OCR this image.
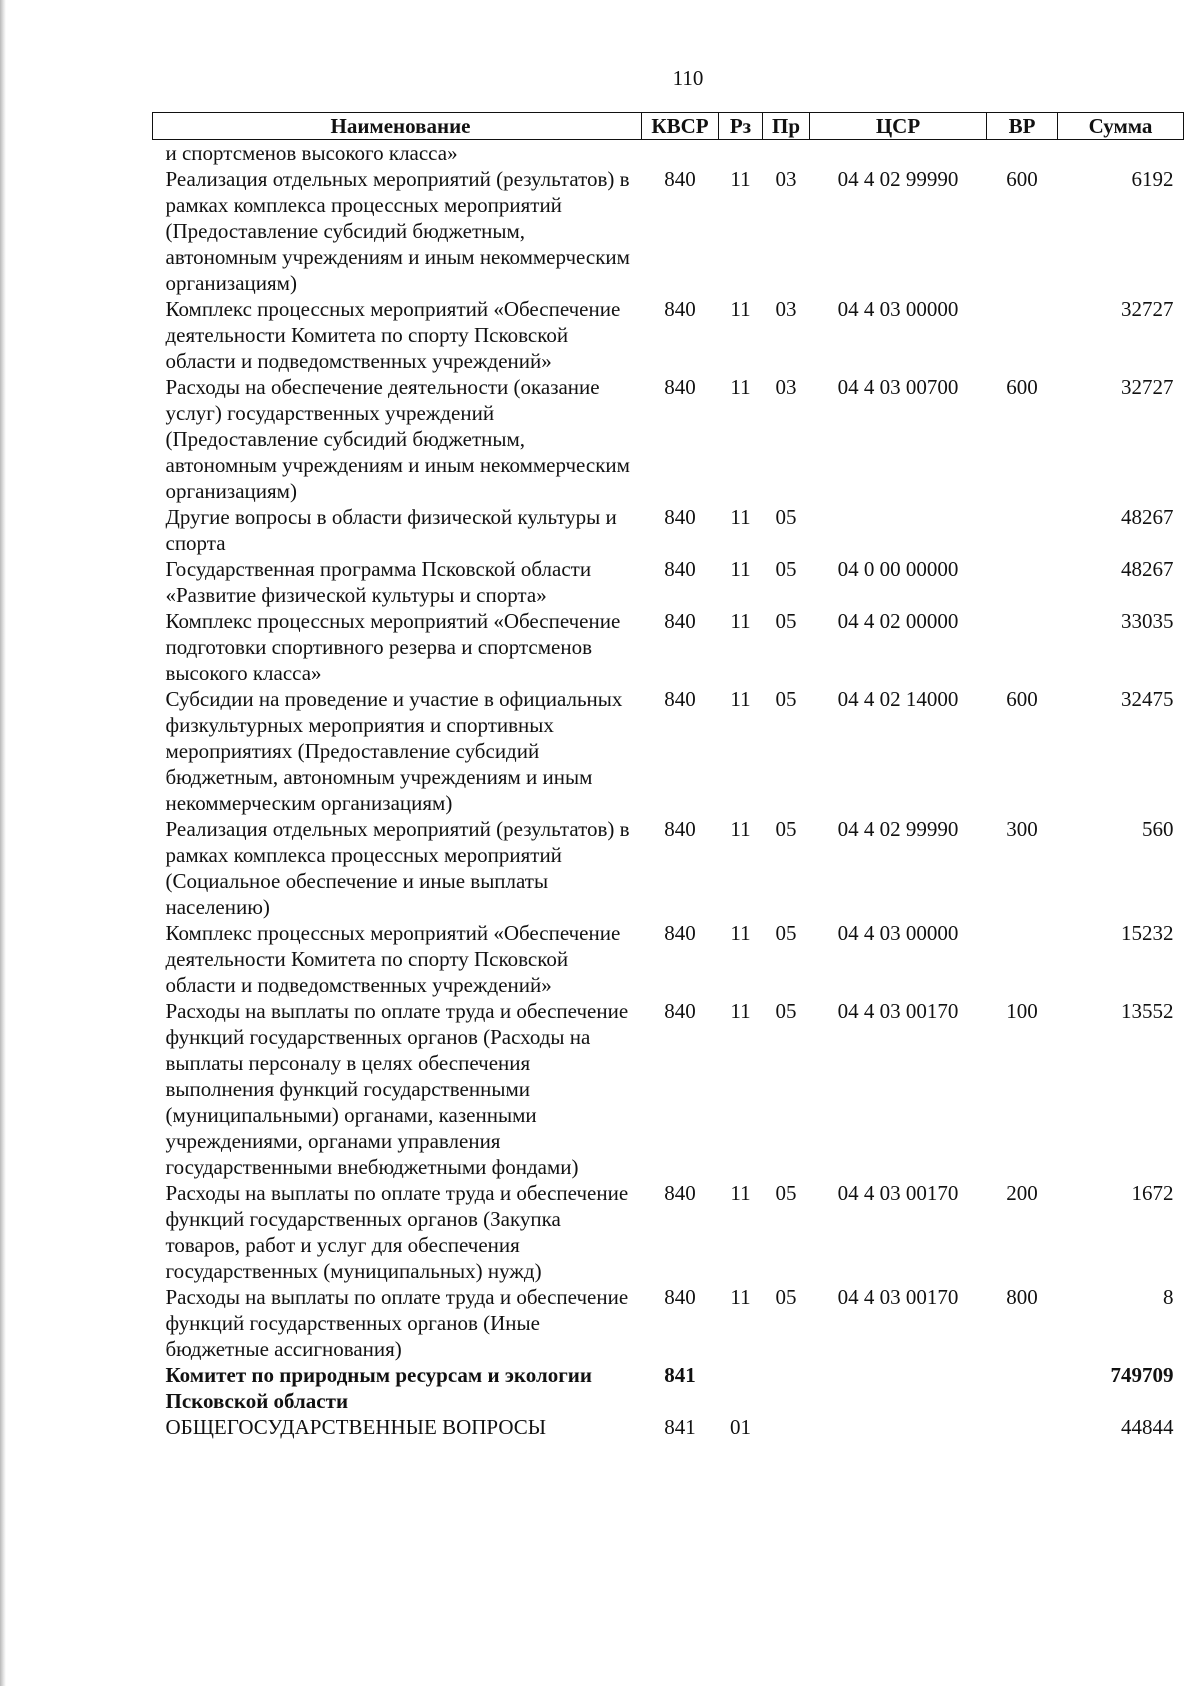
110
Наименование	КВСР	Рз	Пр	ЦСР	ВР	Сумма
и спортсменов высокого класса»						
Реализация отдельных мероприятий (результатов) в рамках комплекса процессных мероприятий (Предоставление субсидий бюджетным, автономным учреждениям и иным некоммерческим организациям)	840	11	03	04 4 02 99990	600	6192
Комплекс процессных мероприятий «Обеспечение деятельности Комитета по спорту Псковской области и подведомственных учреждений»	840	11	03	04 4 03 00000		32727
Расходы на обеспечение деятельности (оказание услуг) государственных учреждений (Предоставление субсидий бюджетным, автономным учреждениям и иным некоммерческим организациям)	840	11	03	04 4 03 00700	600	32727
Другие вопросы в области физической культуры и спорта	840	11	05			48267
Государственная программа Псковской области «Развитие физической культуры и спорта»	840	11	05	04 0 00 00000		48267
Комплекс процессных мероприятий «Обеспечение подготовки спортивного резерва и спортсменов высокого класса»	840	11	05	04 4 02 00000		33035
Субсидии на проведение и участие в официальных физкультурных мероприятия и спортивных мероприятиях (Предоставление субсидий бюджетным, автономным учреждениям и иным некоммерческим организациям)	840	11	05	04 4 02 14000	600	32475
Реализация отдельных мероприятий (результатов) в рамках комплекса процессных мероприятий (Социальное обеспечение и иные выплаты населению)	840	11	05	04 4 02 99990	300	560
Комплекс процессных мероприятий «Обеспечение деятельности Комитета по спорту Псковской области и подведомственных учреждений»	840	11	05	04 4 03 00000		15232
Расходы на выплаты по оплате труда и обеспечение функций государственных органов (Расходы на выплаты персоналу в целях обеспечения выполнения функций государственными (муниципальными) органами, казенными учреждениями, органами управления государственными внебюджетными фондами)	840	11	05	04 4 03 00170	100	13552
Расходы на выплаты по оплате труда и обеспечение функций государственных органов (Закупка товаров, работ и услуг для обеспечения государственных (муниципальных) нужд)	840	11	05	04 4 03 00170	200	1672
Расходы на выплаты по оплате труда и обеспечение функций государственных органов (Иные бюджетные ассигнования)	840	11	05	04 4 03 00170	800	8
Комитет по природным ресурсам и экологии Псковской области	841					749709
ОБЩЕГОСУДАРСТВЕННЫЕ ВОПРОСЫ	841	01				44844
